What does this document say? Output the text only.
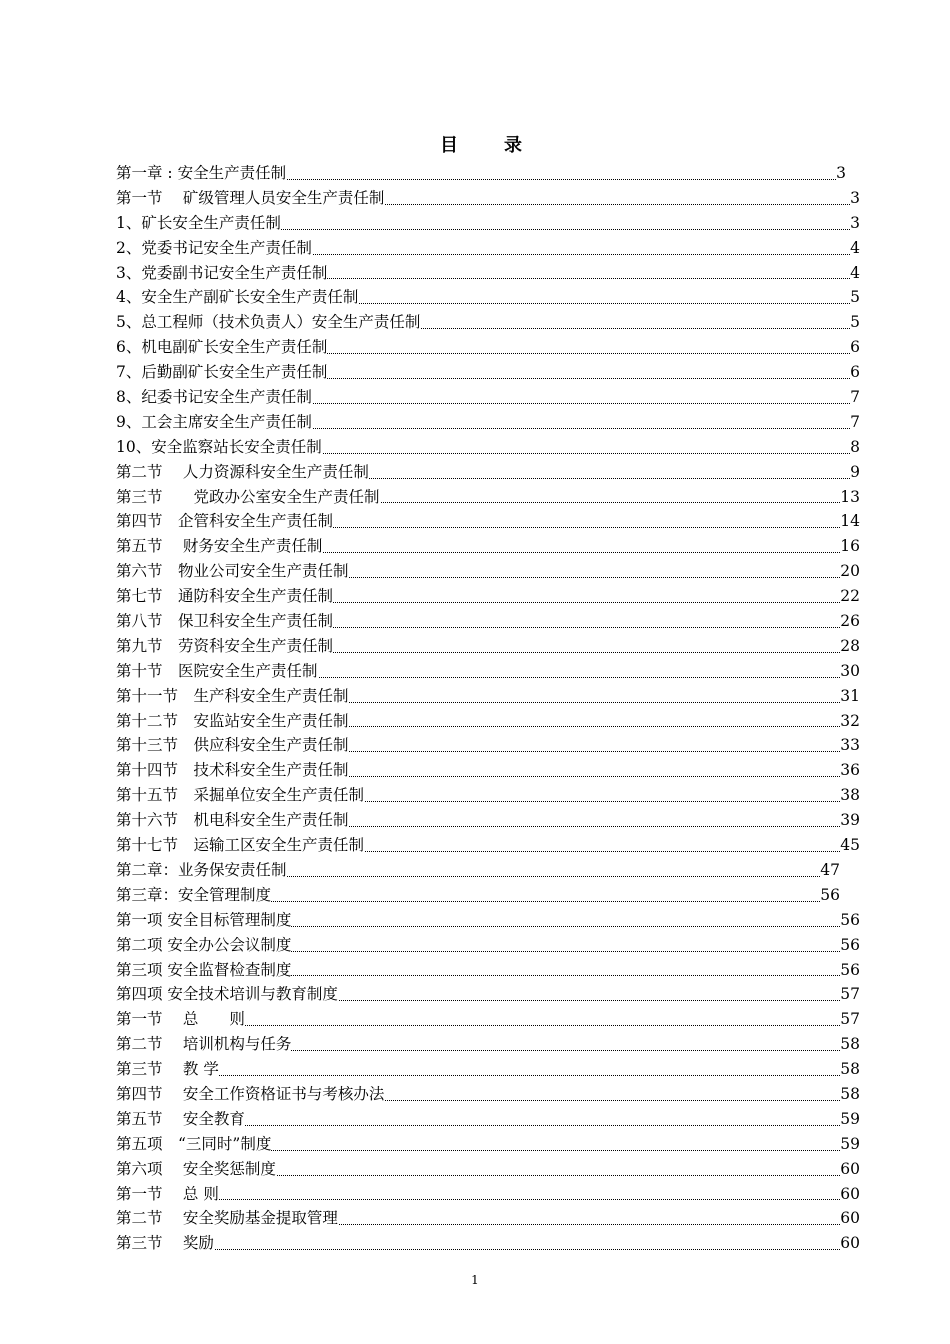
目　录
第一章 : 安全生产责任制	3
第一节　 矿级管理人员安全生产责任制	3
1、矿长安全生产责任制	3
2、党委书记安全生产责任制	4
3、党委副书记安全生产责任制	4
4、安全生产副矿长安全生产责任制	5
5、总工程师（技术负责人）安全生产责任制	5
6、机电副矿长安全生产责任制	6
7、后勤副矿长安全生产责任制	6
8、纪委书记安全生产责任制	7
9、工会主席安全生产责任制	7
10、安全监察站长安全责任制	8
第二节　 人力资源科安全生产责任制	9
第三节　　党政办公室安全生产责任制	13
第四节　企管科安全生产责任制	14
第五节　 财务安全生产责任制	16
第六节　物业公司安全生产责任制	20
第七节　通防科安全生产责任制	22
第八节　保卫科安全生产责任制	26
第九节　劳资科安全生产责任制	28
第十节　医院安全生产责任制	30
第十一节　生产科安全生产责任制	31
第十二节　安监站安全生产责任制	32
第十三节　供应科安全生产责任制	33
第十四节　技术科安全生产责任制	36
第十五节　采掘单位安全生产责任制	38
第十六节　机电科安全生产责任制	39
第十七节　运输工区安全生产责任制	45
第二章：业务保安责任制	47
第三章：安全管理制度	56
第一项 安全目标管理制度	56
第二项 安全办公会议制度	56
第三项 安全监督检查制度	56
第四项 安全技术培训与教育制度	57
第一节　 总　　则	57
第二节　 培训机构与任务	58
第三节　 教 学	58
第四节　 安全工作资格证书与考核办法	58
第五节　 安全教育	59
第五项　“三同时”制度	59
第六项　 安全奖惩制度	60
第一节　 总 则	60
第二节　 安全奖励基金提取管理	60
第三节　 奖励	60
1
